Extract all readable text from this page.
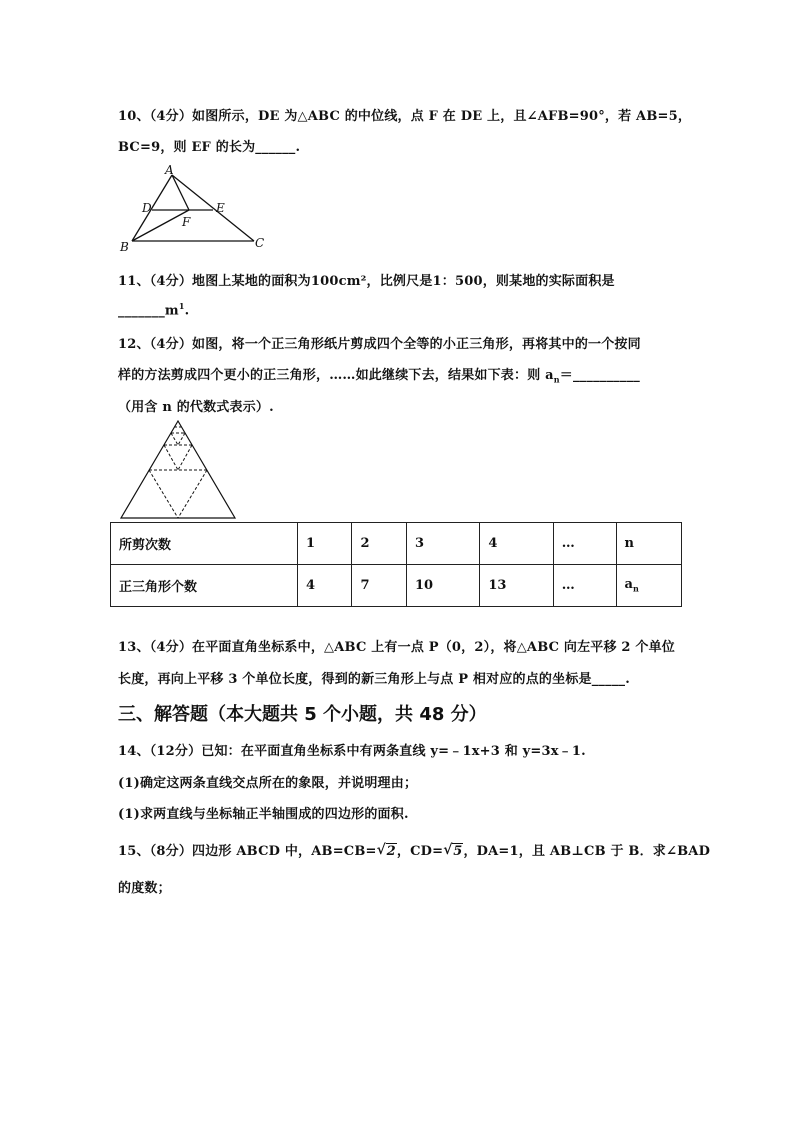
10、（4分）如图所示，DE 为△ABC 的中位线，点 F 在 DE 上，且∠AFB=90°，若 AB=5，
BC=9，则 EF 的长为______.
A
B	C
D	E
F
11、（4分）地图上某地的面积为100cm²，比例尺是1：500，则某地的实际面积是
$\_\_\_\_\_\_\_m^1$.
12、（4分）如图，将一个正三角形纸片剪成四个全等的小正三角形，再将其中的一个按同
样的方法剪成四个更小的正三角形，……如此继续下去，结果如下表：则 $a_n=\_\_\_\_\_\_\_\_\_\_$
（用含 n 的代数式表示）.
所剪次数	1	2	3	4	…	n
正三角形个数	4	7	10	13	…	$a_n$
13、（4分）在平面直角坐标系中，△ABC 上有一点 P（0，2），将△ABC 向左平移 2 个单位
长度，再向上平移 3 个单位长度，得到的新三角形上与点 P 相对应的点的坐标是_____.
三、解答题（本大题共 5 个小题，共 48 分）
14、（12分）已知：在平面直角坐标系中有两条直线 y=﹣1x+3 和 y=3x﹣1.
(1)确定这两条直线交点所在的象限，并说明理由；
(1)求两直线与坐标轴正半轴围成的四边形的面积.
15、（8分）四边形 ABCD 中，AB=CB= √ 2，CD= √ 5，DA=1，且 AB⊥CB 于 B．求∠BAD
的度数；
